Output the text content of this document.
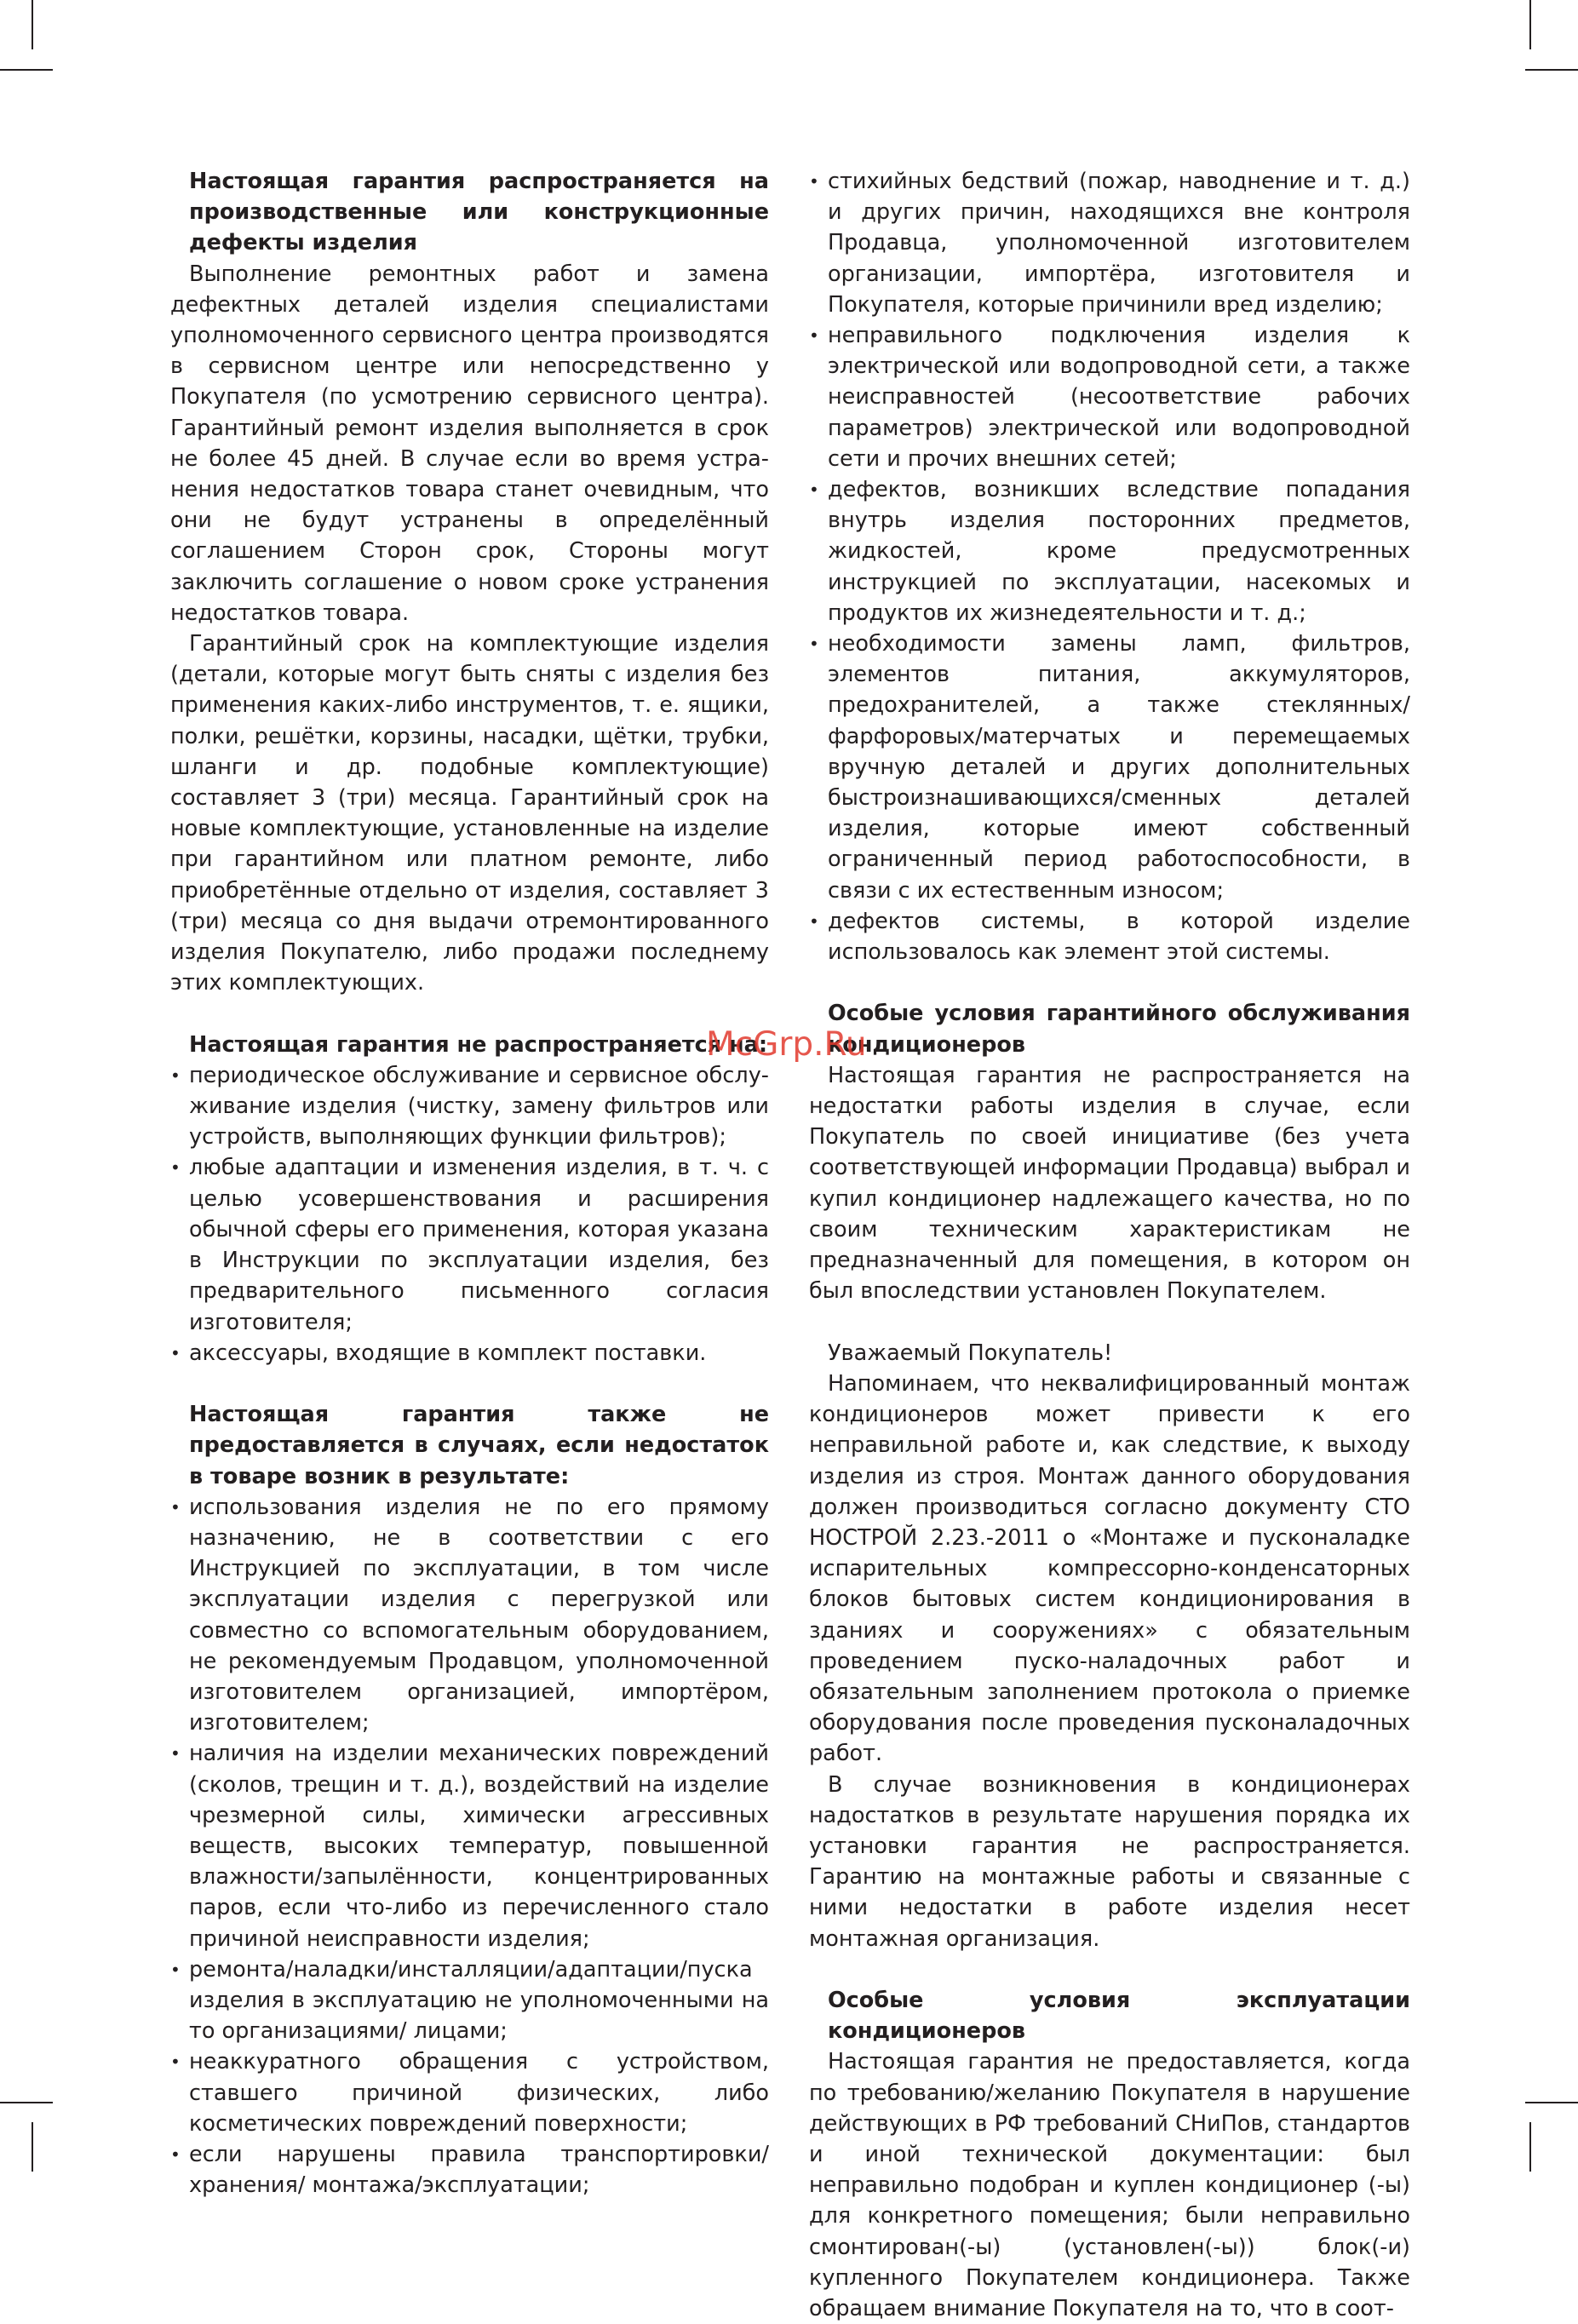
Настоящая гарантия распространяется на производственные или конструкционные дефекты изделия

Выполнение ремонтных работ и замена дефектных деталей изделия специалистами уполномоченного сервисного центра производятся в сервисном центре или непосредственно у Покупателя (по усмотрению сервисного центра). Гарантийный ремонт изделия выполняется в срок не более 45 дней. В случае если во время устранения недостатков товара станет очевидным, что они не будут устранены в определённый соглашением Сторон срок, Стороны могут заключить соглашение о новом сроке устранения недостатков товара.

Гарантийный срок на комплектующие изделия (детали, которые могут быть сняты с изделия без применения каких-либо инструментов, т. е. ящики, полки, решётки, корзины, насадки, щётки, трубки, шланги и др. подобные комплектующие) составляет 3 (три) месяца. Гарантийный срок на новые комплектующие, установленные на изделие при гарантийном или платном ремонте, либо приобретённые отдельно от изделия, составляет 3 (три) месяца со дня выдачи отремонтированного изделия Покупателю, либо продажи последнему этих комплектующих.

Настоящая гарантия не распространяется на:
• периодическое обслуживание и сервисное обслуживание изделия (чистку, замену фильтров или устройств, выполняющих функции фильтров);
• любые адаптации и изменения изделия, в т. ч. с целью усовершенствования и расширения обычной сферы его применения, которая указана в Инструкции по эксплуатации изделия, без предварительного письменного согласия изготовителя;
• аксессуары, входящие в комплект поставки.
Настоящая гарантия также не предоставляется в случаях, если недостаток в товаре возник в результате:
• использования изделия не по его прямому назначению, не в соответствии с его Инструкцией по эксплуатации, в том числе эксплуатации изделия с перегрузкой или совместно со вспомогательным оборудованием, не рекомендуемым Продавцом, уполномоченной изготовителем организацией, импортёром, изготовителем;
• наличия на изделии механических повреждений (сколов, трещин и т. д.), воздействий на изделие чрезмерной силы, химически агрессивных веществ, высоких температур, повышенной влажности/запылённости, концентрированных паров, если что-либо из перечисленного стало причиной неисправности изделия;
• ремонта/наладки/инсталляции/адаптации/пуска изделия в эксплуатацию не уполномоченными на то организациями/ лицами;
• неаккуратного обращения с устройством, ставшего причиной физических, либо косметических повреждений поверхности;
• если нарушены правила транспортировки/хранения/ монтажа/эксплуатации;
• стихийных бедствий (пожар, наводнение и т. д.) и других причин, находящихся вне контроля Продавца, уполномоченной изготовителем организации, импортёра, изготовителя и Покупателя, которые причинили вред изделию;
• неправильного подключения изделия к электрической или водопроводной сети, а также неисправностей (несоответствие рабочих параметров) электрической или водопроводной сети и прочих внешних сетей;
• дефектов, возникших вследствие попадания внутрь изделия посторонних предметов, жидкостей, кроме предусмотренных инструкцией по эксплуатации, насекомых и продуктов их жизнедеятельности и т. д.;
• необходимости замены ламп, фильтров, элементов питания, аккумуляторов, предохранителей, а также стеклянных/фарфоровых/матерчатых и перемещаемых вручную деталей и других дополнительных быстроизнашивающихся/сменных деталей изделия, которые имеют собственный ограниченный период работоспособности, в связи с их естественным износом;
• дефектов системы, в которой изделие использовалось как элемент этой системы.
Особые условия гарантийного обслуживания кондиционеров

Настоящая гарантия не распространяется на недостатки работы изделия в случае, если Покупатель по своей инициативе (без учета соответствующей информации Продавца) выбрал и купил кондиционер надлежащего качества, но по своим техническим характеристикам не предназначенный для помещения, в котором он был впоследствии установлен Покупателем.

Уважаемый Покупатель!

Напоминаем, что неквалифицированный монтаж кондиционеров может привести к его неправильной работе и, как следствие, к выходу изделия из строя. Монтаж данного оборудования должен производиться согласно документу СТО НОСТРОЙ 2.23.-2011 о «Монтаже и пусконаладке испарительных компрессорно-конденсаторных блоков бытовых систем кондиционирования в зданиях и сооружениях» с обязательным проведением пуско-наладочных работ и обязательным заполнением протокола о приемке оборудования после проведения пусконаладочных работ.

В случае возникновения в кондиционерах надостатков в результате нарушения порядка их установки гарантия не распространяется. Гарантию на монтажные работы и связанные с ними недостатки в работе изделия несет монтажная организация.

Особые условия эксплуатации кондиционеров

Настоящая гарантия не предоставляется, когда по требованию/желанию Покупателя в нарушение действующих в РФ требований СНиПов, стандартов и иной технической документации: был неправильно подобран и куплен кондиционер (-ы) для конкретного помещения; были неправильно смонтирован(-ы) (установлен(-ы)) блок(-и) купленного Покупателем кондиционера. Также обращаем внимание Покупателя на то, что в соот-

McGrp.Ru
